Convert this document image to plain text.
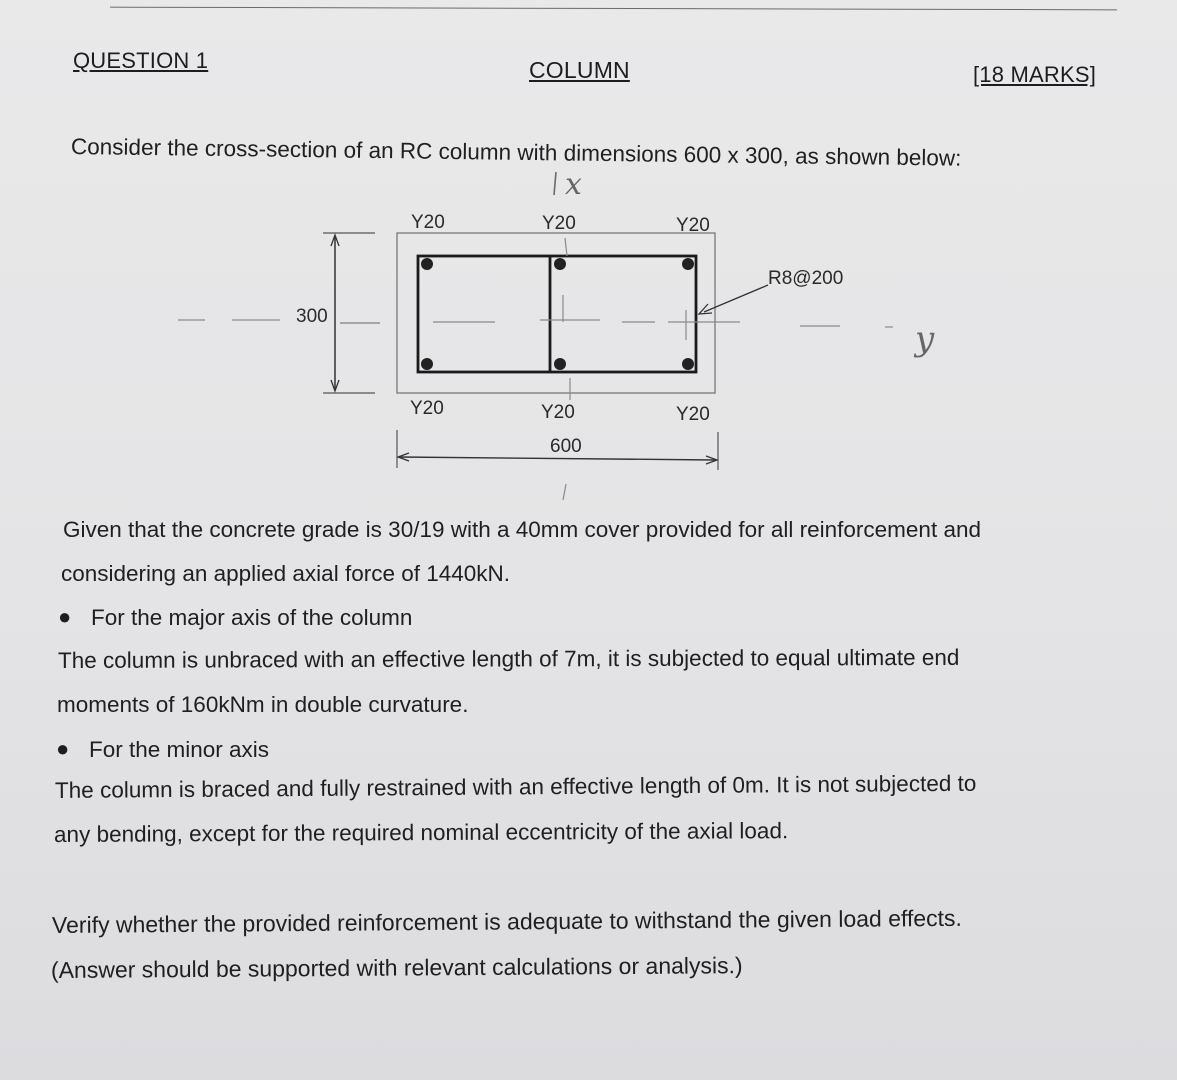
QUESTION 1	COLUMN	[18 MARKS]
Consider the cross-section of an RC column with dimensions 600 x 300, as shown below:
x
300
Y20	Y20	Y20
Y20	Y20	Y20
R8@200
y
600
Given that the concrete grade is 30/19 with a 40mm cover provided for all reinforcement and
considering an applied axial force of 1440kN.
● For the major axis of the column
The column is unbraced with an effective length of 7m, it is subjected to equal ultimate end
moments of 160kNm in double curvature.
● For the minor axis
The column is braced and fully restrained with an effective length of 0m. It is not subjected to
any bending, except for the required nominal eccentricity of the axial load.
Verify whether the provided reinforcement is adequate to withstand the given load effects.
(Answer should be supported with relevant calculations or analysis.)
